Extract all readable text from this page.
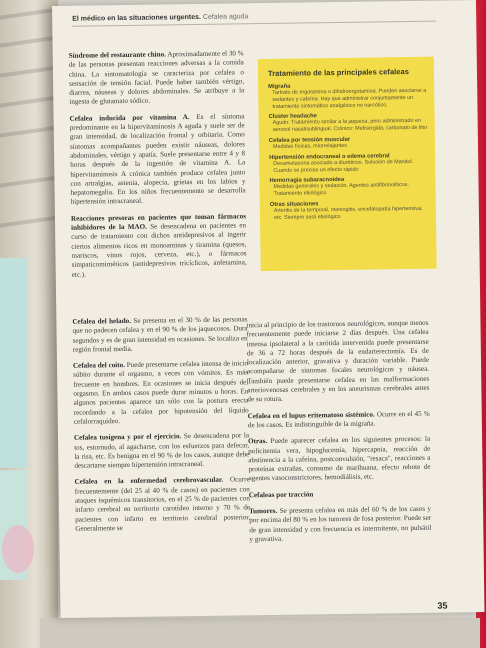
El médico en las situaciones urgentes. Cefalea aguda

Síndrome del restaurante chino. Aproximadamente el 30 % de las personas presentan reacciones adversas a la comida china. La sintomatología se caracteriza por cefalea o sensación de tensión facial. Puede haber también vértigo, diarrea, náuseas y dolores abdominales. Se atribuye a la ingesta de glutamato sódico.

Cefalea inducida por vitamina A. Es el síntoma predominante en la hipervitaminosis A aguda y suele ser de gran intensidad, de localización frontal y orbitaria. Como síntomas acompañantes pueden existir náuseas, dolores abdominales, vértigo y apatía. Suele presentarse entre 4 y 8 horas después de la ingestión de vitamina A. La hipervitaminosis A crónica también produce cefalea junto con artralgias, astenia, alopecia, grietas en los labios y hepatomegalia. En los niños frecuentemente se desarrolla hipertensión intracraneal.

Reacciones presoras en pacientes que toman fármacos inhibidores de la MAO. Se desencadena en pacientes en curso de tratamiento con dichos antidepresivos al ingerir ciertos alimentos ricos en monoaminas y tiramina (quesos, mariscos, vinos rojos, cerveza, etc.), o fármacos simpaticomiméticos (antidepresivos tricíclicos, anfetamina, etc.).

Tratamiento de las principales cefaleas
Migraña
Tartrato de ergotamina o dihidroergotamina. Pueden asociarse a sedantes y cafeína. Hay que administrar conjuntamente un tratamiento sintomático analgésico no narcótico.
Cluster headache
Agudo: Tratamiento similar a la jaqueca, pero administrado en aerosol nasal/sublingual. Crónico: Metisergida, carbonato de litio
Cefalea por tensión muscular
Medidas físicas, miorrelajantes
Hipertensión endocraneal o edema cerebral
Dexametasona asociado a diuréticos. Solución de Manitol. Cuando se precisa un efecto rápido
Hemorragia subaracnoidea
Medidas generales y sedación. Agentes antifibrinolíticos. Tratamiento etiológico
Otras situaciones
Arteritis de la temporal, meningitis, encefalopatía hipertensiva, etc. Siempre será etiológico

Cefalea del helado. Se presenta en el 30 % de las personas que no padecen cefalea y en el 90 % de los jaquecosos. Dura segundos y es de gran intensidad en ocasiones. Se localiza en región frontal media.

Cefalea del coito. Puede presentarse cefalea intensa de inicio súbito durante el orgasmo, a veces con vómitos. Es más frecuente en hombres. En ocasiones se inicia después del orgasmo. En ambos casos puede durar minutos u horas. En algunos pacientes aparece tan sólo con la postura erecta recordando a la cefalea por hipotensión del líquido cefalorraquídeo.

Cefalea tusígena y por el ejercicio. Se desencadena por la tos, estornudo, al agacharse, con los esfuerzos para defecar, la risa, etc. Es benigna en el 90 % de los casos, aunque debe descartarse siempre hipertensión intracraneal.

Cefalea en la enfermedad cerebrovascular. Ocurre frecuentemente (del 25 al 40 % de casos) en pacientes con ataques isquémicos transitorios, en el 25 % de pacientes con infarto cerebral en territorio carotídeo interno y 70 % de pacientes con infarto en territorio cerebral posterior. Generalmente se

inicia al principio de los trastornos neurológicos, aunque menos frecuentemente puede iniciarse 2 días después. Una cefalea intensa ipsolateral a la carótida intervenida puede presentarse de 36 a 72 horas después de la endarterectomía. Es de localización anterior, gravativa y duración variable. Puede acompañarse de sintomas focales neurológicos y náusea. También puede presentarse cefalea en las malformaciones arteriovenosas cerebrales y en los aneurismas cerebrales antes de su rotura.

Cefalea en el lupus eritematoso sistémico. Ocurre en el 45 % de los casos. Es indistinguible de la migraña.

Otras. Puede aparecer cefalea en los siguientes procesos: la policitemia vera, hipoglucemia, hipercapnia, reacción de abstinencia a la cafeína, postconvulsión, "resaca", reacciones a proteínas extrañas, consumo de marihuana, efecto rebote de agentes vasoconstrictores, hemodiálisis, etc.

Cefaleas por tracción

Tumores. Se presenta cefalea en más del 60 % de los casos y por encima del 80 % en los tumores de fosa posterior. Puede ser de gran intensidad y con frecuencia es intermitente, no pulsátil y gravativa.

35
